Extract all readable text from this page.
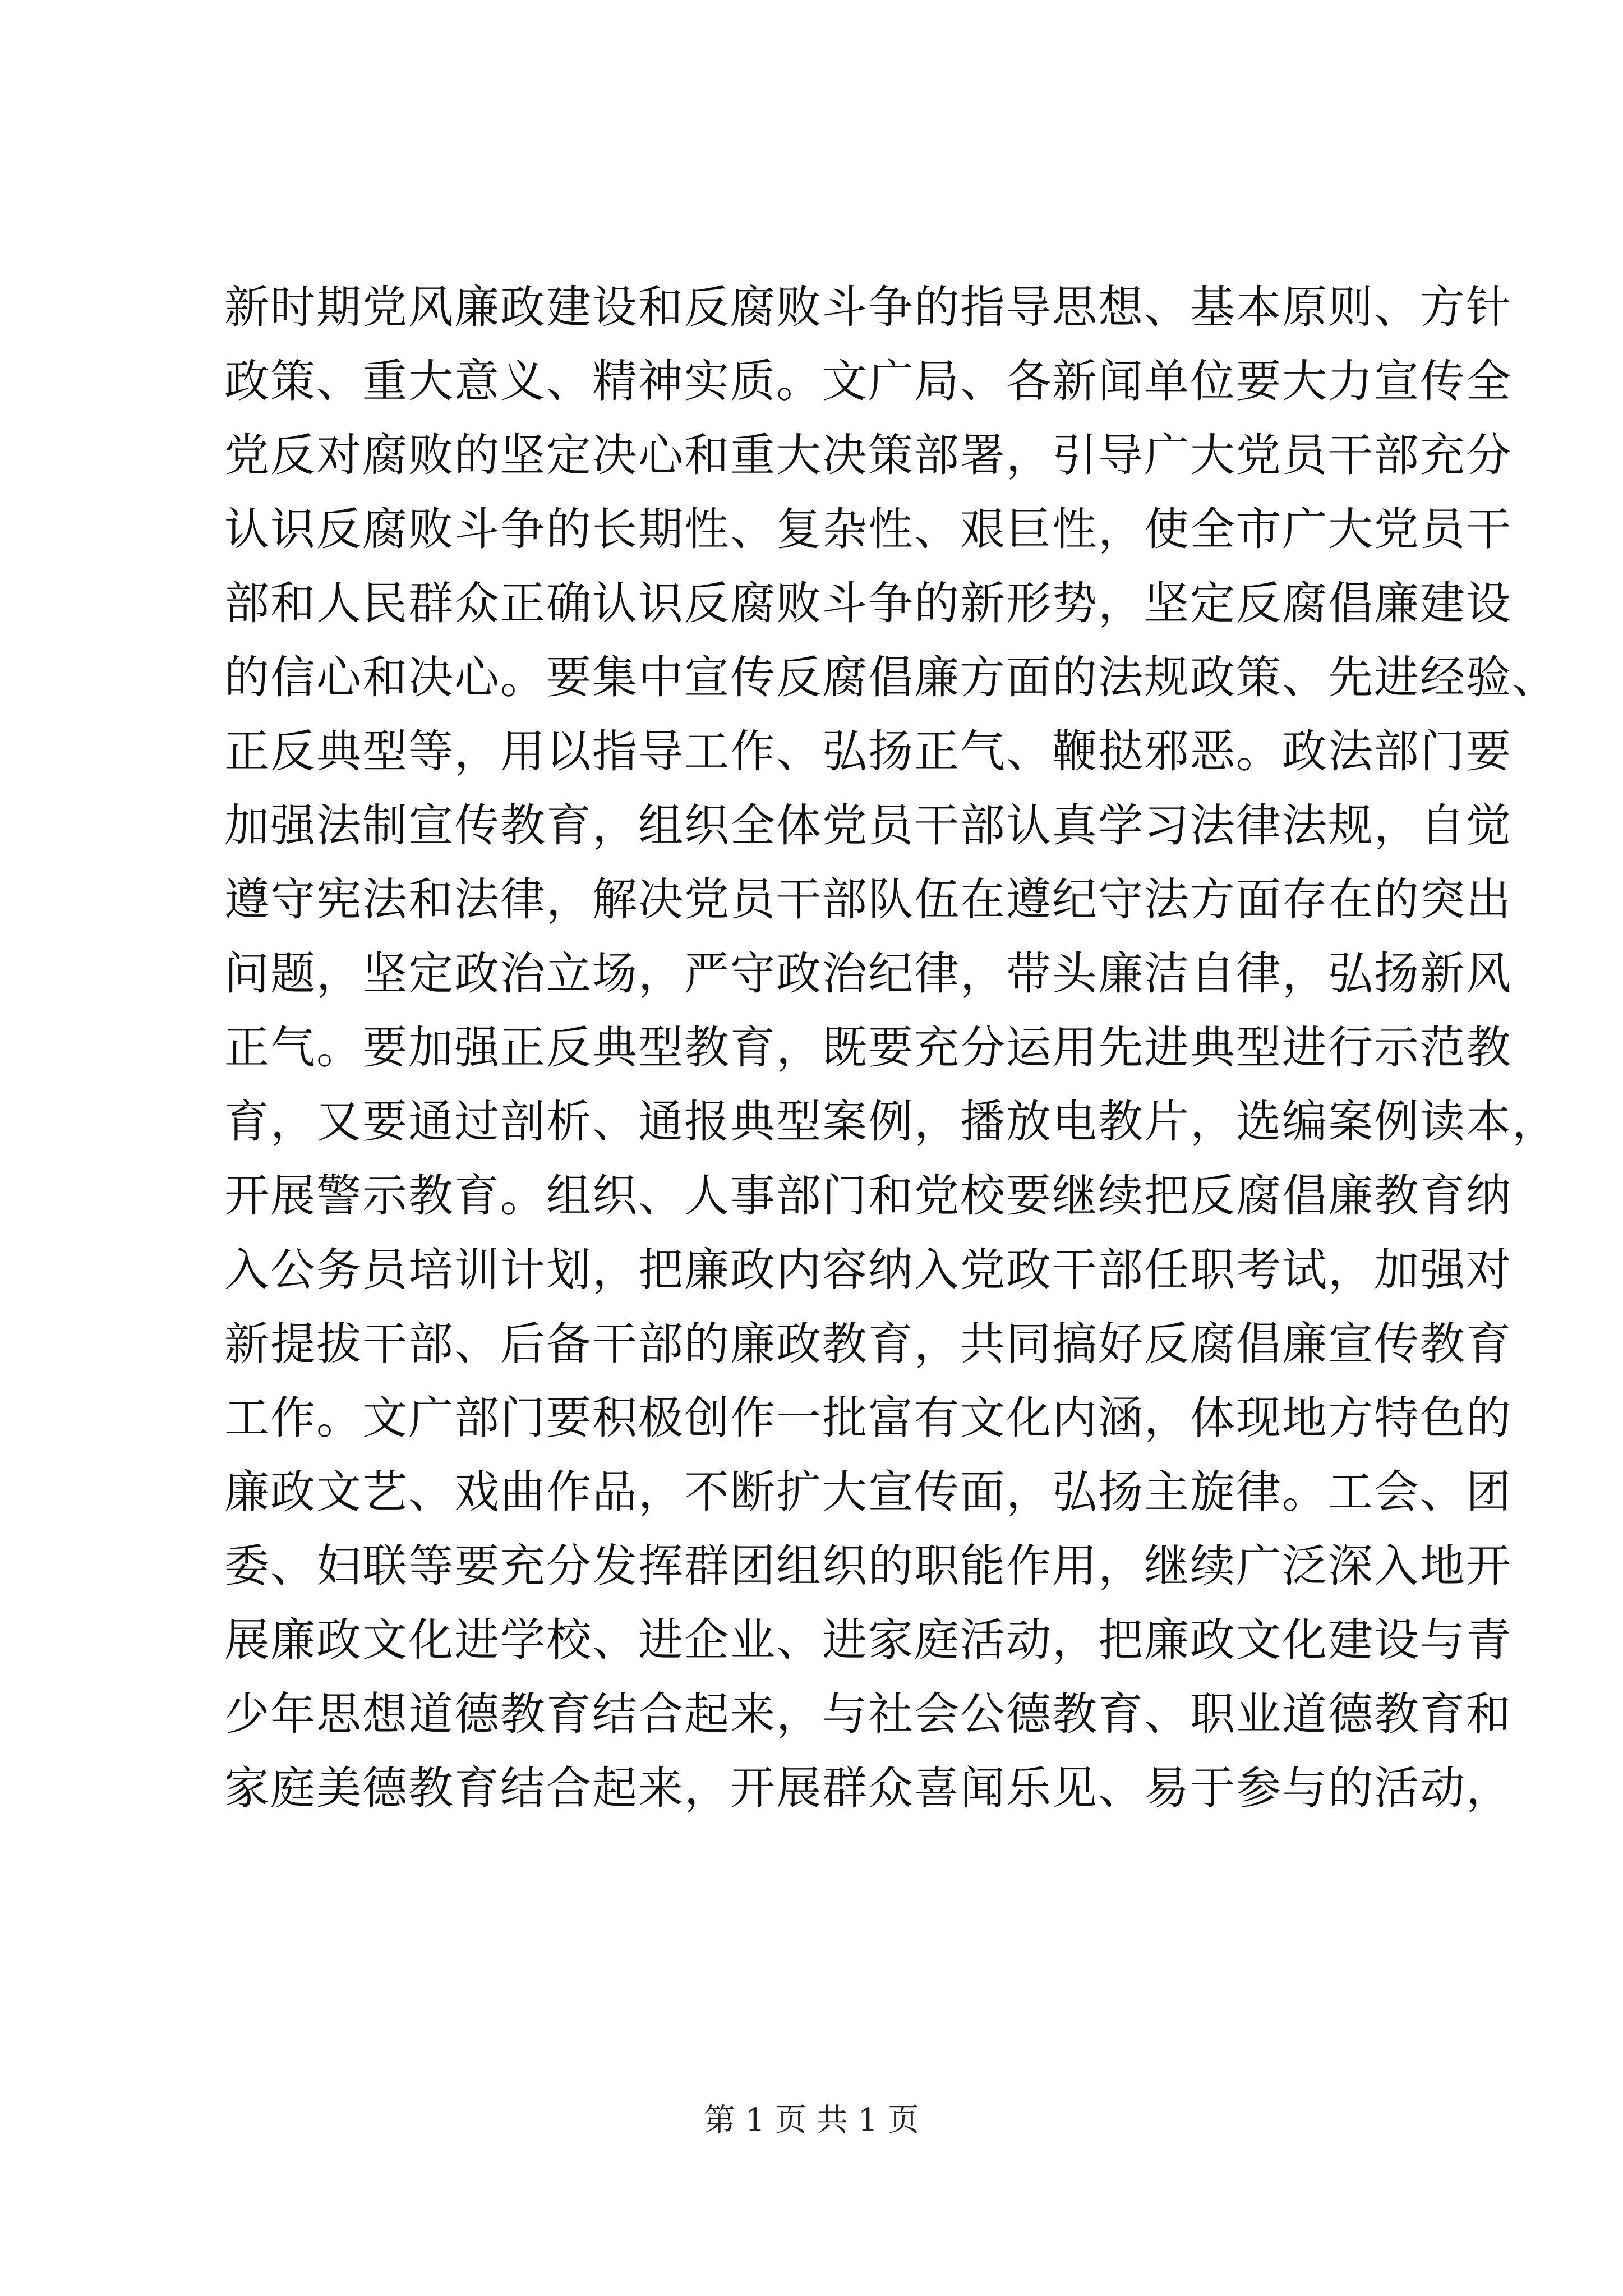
新时期党风廉政建设和反腐败斗争的指导思想、基本原则、方针
政策、重大意义、精神实质。文广局、各新闻单位要大力宣传全
党反对腐败的坚定决心和重大决策部署，引导广大党员干部充分
认识反腐败斗争的长期性、复杂性、艰巨性，使全市广大党员干
部和人民群众正确认识反腐败斗争的新形势，坚定反腐倡廉建设
的信心和决心。要集中宣传反腐倡廉方面的法规政策、先进经验、
正反典型等，用以指导工作、弘扬正气、鞭挞邪恶。政法部门要
加强法制宣传教育，组织全体党员干部认真学习法律法规，自觉
遵守宪法和法律，解决党员干部队伍在遵纪守法方面存在的突出
问题，坚定政治立场，严守政治纪律，带头廉洁自律，弘扬新风
正气。要加强正反典型教育，既要充分运用先进典型进行示范教
育，又要通过剖析、通报典型案例，播放电教片，选编案例读本，
开展警示教育。组织、人事部门和党校要继续把反腐倡廉教育纳
入公务员培训计划，把廉政内容纳入党政干部任职考试，加强对
新提拔干部、后备干部的廉政教育，共同搞好反腐倡廉宣传教育
工作。文广部门要积极创作一批富有文化内涵，体现地方特色的
廉政文艺、戏曲作品，不断扩大宣传面，弘扬主旋律。工会、团
委、妇联等要充分发挥群团组织的职能作用，继续广泛深入地开
展廉政文化进学校、进企业、进家庭活动，把廉政文化建设与青
少年思想道德教育结合起来，与社会公德教育、职业道德教育和
家庭美德教育结合起来，开展群众喜闻乐见、易于参与的活动，
第 1 页 共 1 页
